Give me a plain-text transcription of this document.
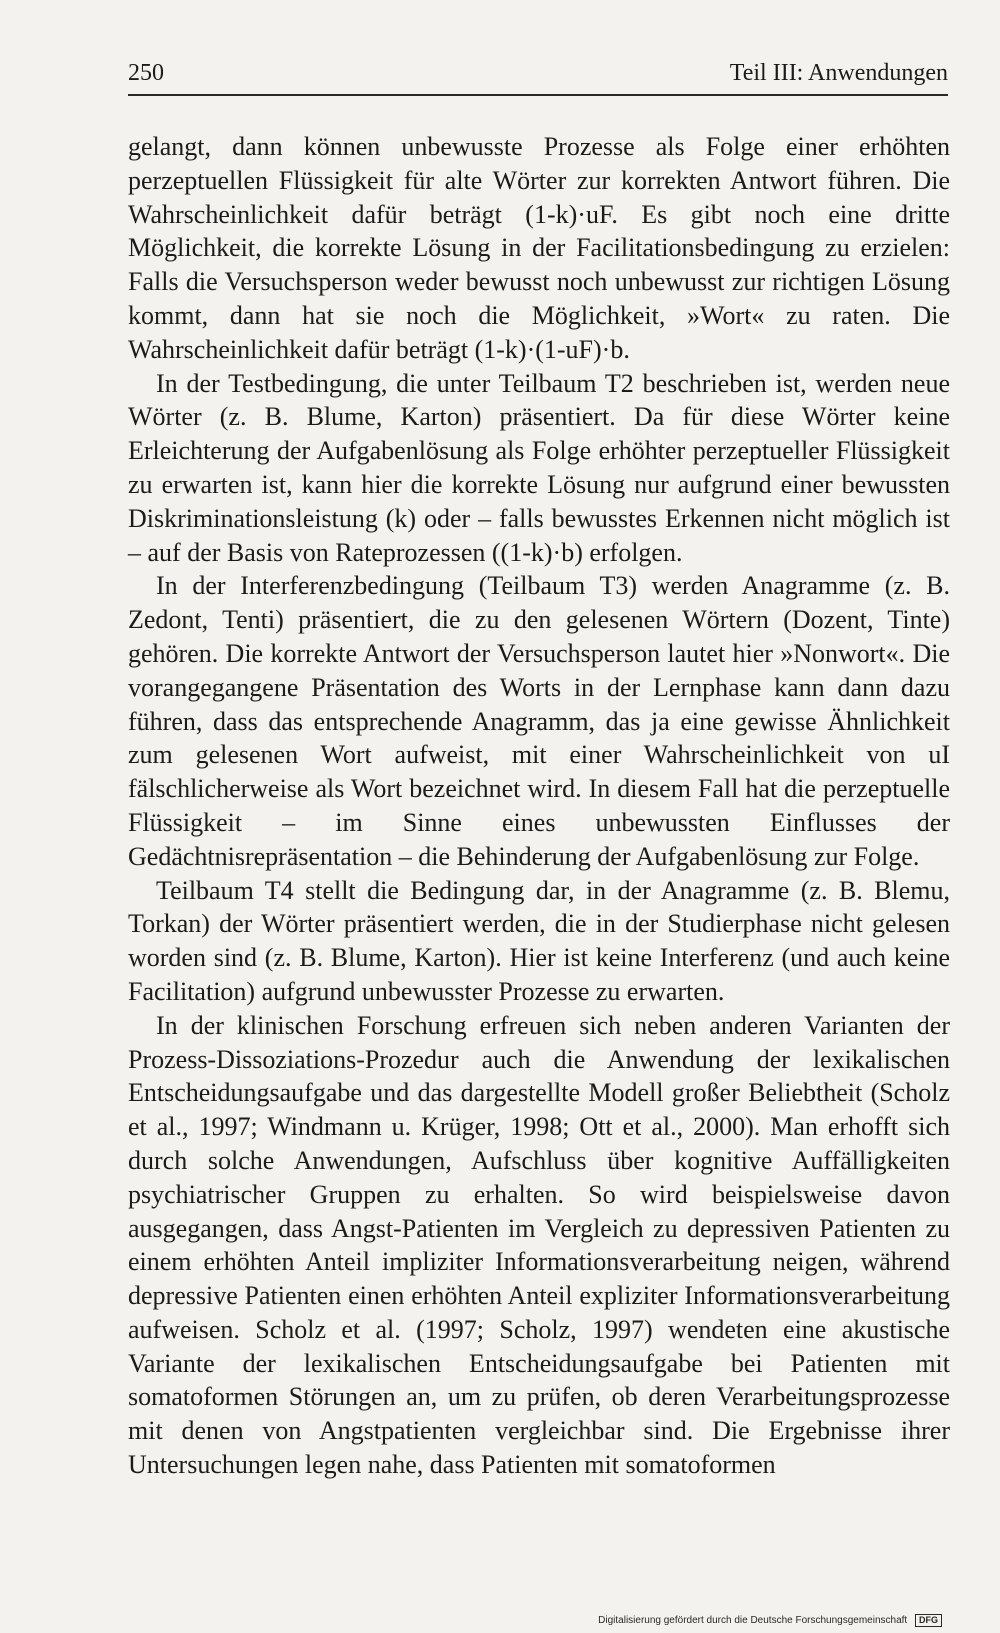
250	Teil III: Anwendungen

gelangt, dann können unbewusste Prozesse als Folge einer erhöhten perzeptuellen Flüssigkeit für alte Wörter zur korrekten Antwort führen. Die Wahrscheinlichkeit dafür beträgt (1-k)·uF. Es gibt noch eine dritte Möglichkeit, die korrekte Lösung in der Facilitationsbedingung zu erzielen: Falls die Versuchsperson weder bewusst noch unbewusst zur richtigen Lösung kommt, dann hat sie noch die Möglichkeit, »Wort« zu raten. Die Wahrscheinlichkeit dafür beträgt (1-k)·(1-uF)·b.

In der Testbedingung, die unter Teilbaum T2 beschrieben ist, werden neue Wörter (z. B. Blume, Karton) präsentiert. Da für diese Wörter keine Erleichterung der Aufgabenlösung als Folge erhöhter perzeptueller Flüssigkeit zu erwarten ist, kann hier die korrekte Lösung nur aufgrund einer bewussten Diskriminationsleistung (k) oder – falls bewusstes Erkennen nicht möglich ist – auf der Basis von Rateprozessen ((1-k)·b) erfolgen.

In der Interferenzbedingung (Teilbaum T3) werden Anagramme (z. B. Zedont, Tenti) präsentiert, die zu den gelesenen Wörtern (Dozent, Tinte) gehören. Die korrekte Antwort der Versuchsperson lautet hier »Nonwort«. Die vorangegangene Präsentation des Worts in der Lernphase kann dann dazu führen, dass das entsprechende Anagramm, das ja eine gewisse Ähnlichkeit zum gelesenen Wort aufweist, mit einer Wahrscheinlichkeit von uI fälschlicherweise als Wort bezeichnet wird. In diesem Fall hat die perzeptuelle Flüssigkeit – im Sinne eines unbewussten Einflusses der Gedächtnisrepräsentation – die Behinderung der Aufgabenlösung zur Folge.

Teilbaum T4 stellt die Bedingung dar, in der Anagramme (z. B. Blemu, Torkan) der Wörter präsentiert werden, die in der Studierphase nicht gelesen worden sind (z. B. Blume, Karton). Hier ist keine Interferenz (und auch keine Facilitation) aufgrund unbewusster Prozesse zu erwarten.

In der klinischen Forschung erfreuen sich neben anderen Varianten der Prozess-Dissoziations-Prozedur auch die Anwendung der lexikalischen Entscheidungsaufgabe und das dargestellte Modell großer Beliebtheit (Scholz et al., 1997; Windmann u. Krüger, 1998; Ott et al., 2000). Man erhofft sich durch solche Anwendungen, Aufschluss über kognitive Auffälligkeiten psychiatrischer Gruppen zu erhalten. So wird beispielsweise davon ausgegangen, dass Angst-Patienten im Vergleich zu depressiven Patienten zu einem erhöhten Anteil impliziter Informationsverarbeitung neigen, während depressive Patienten einen erhöhten Anteil expliziter Informationsverarbeitung aufweisen. Scholz et al. (1997; Scholz, 1997) wendeten eine akustische Variante der lexikalischen Entscheidungsaufgabe bei Patienten mit somatoformen Störungen an, um zu prüfen, ob deren Verarbeitungsprozesse mit denen von Angstpatienten vergleichbar sind. Die Ergebnisse ihrer Untersuchungen legen nahe, dass Patienten mit somatoformen

Digitalisierung gefördert durch die Deutsche Forschungsgemeinschaft DFG
